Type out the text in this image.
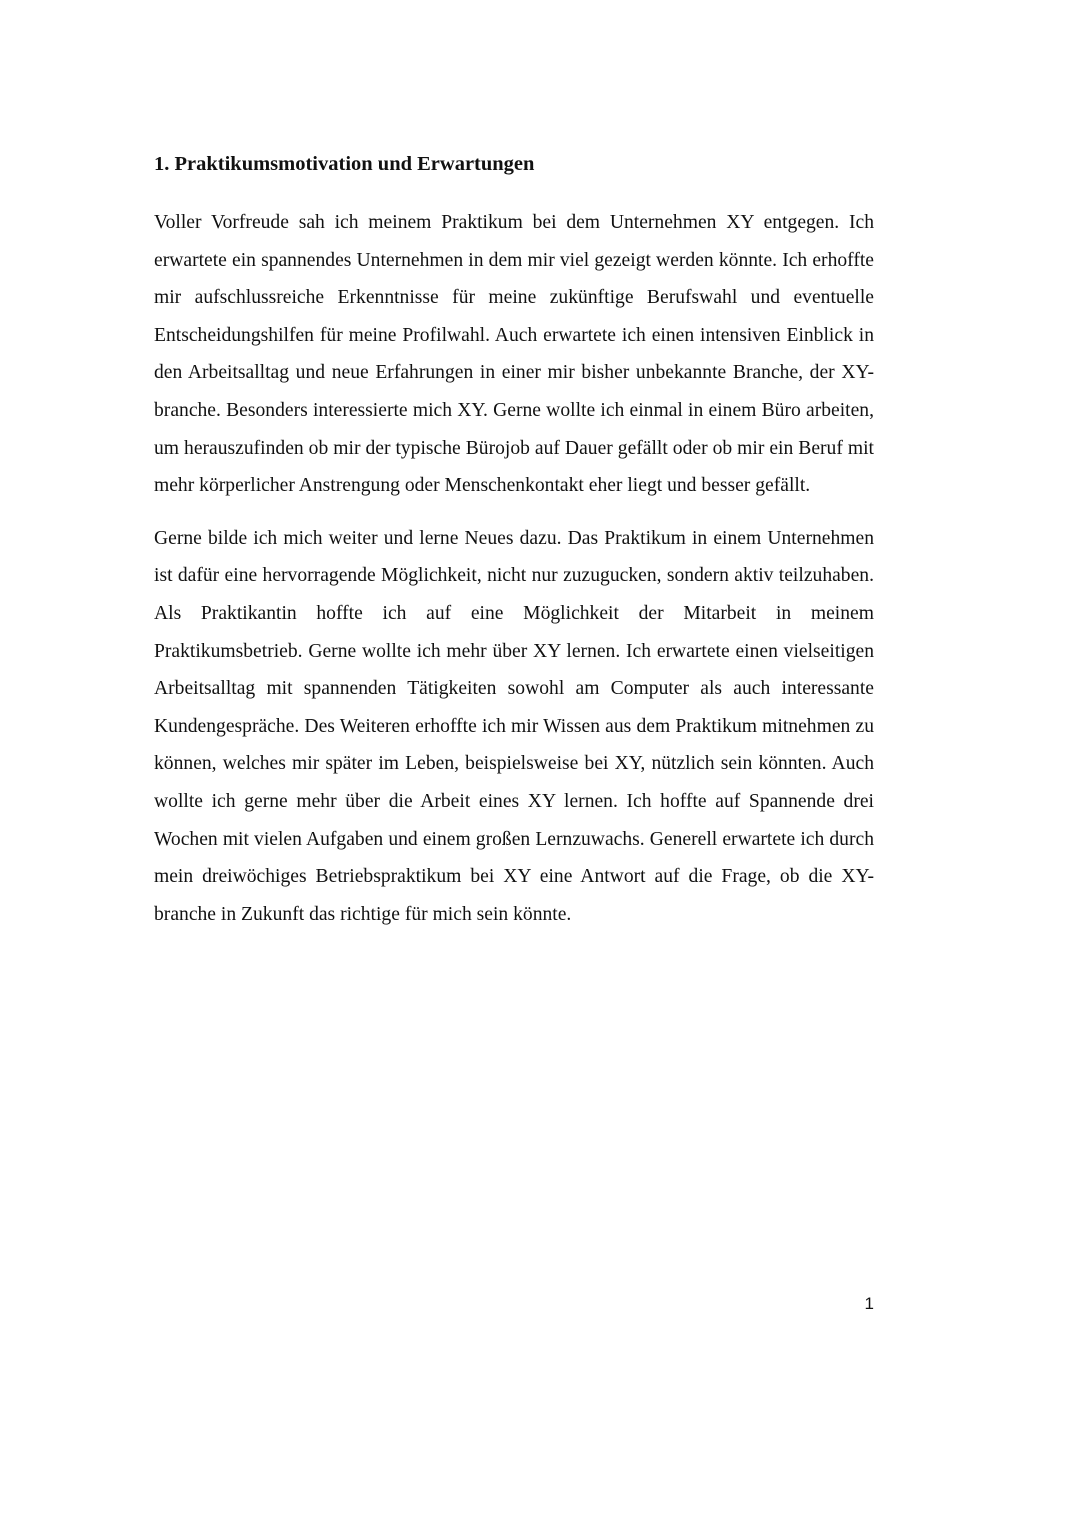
1. Praktikumsmotivation und Erwartungen

Voller Vorfreude sah ich meinem Praktikum bei dem Unternehmen XY entgegen. Ich erwartete ein spannendes Unternehmen in dem mir viel gezeigt werden könnte. Ich erhoffte mir aufschlussreiche Erkenntnisse für meine zukünftige Berufswahl und eventuelle Entscheidungshilfen für meine Profilwahl. Auch erwartete ich einen intensiven Einblick in den Arbeitsalltag und neue Erfahrungen in einer mir bisher unbekannte Branche, der XY-branche. Besonders interessierte mich XY. Gerne wollte ich einmal in einem Büro arbeiten, um herauszufinden ob mir der typische Bürojob auf Dauer gefällt oder ob mir ein Beruf mit mehr körperlicher Anstrengung oder Menschenkontakt eher liegt und besser gefällt.

Gerne bilde ich mich weiter und lerne Neues dazu. Das Praktikum in einem Unternehmen ist dafür eine hervorragende Möglichkeit, nicht nur zuzugucken, sondern aktiv teilzuhaben. Als Praktikantin hoffte ich auf eine Möglichkeit der Mitarbeit in meinem Praktikumsbetrieb. Gerne wollte ich mehr über XY lernen. Ich erwartete einen vielseitigen Arbeitsalltag mit spannenden Tätigkeiten sowohl am Computer als auch interessante Kundengespräche. Des Weiteren erhoffte ich mir Wissen aus dem Praktikum mitnehmen zu können, welches mir später im Leben, beispielsweise bei XY, nützlich sein könnten. Auch wollte ich gerne mehr über die Arbeit eines XY lernen. Ich hoffte auf Spannende drei Wochen mit vielen Aufgaben und einem großen Lernzuwachs. Generell erwartete ich durch mein dreiwöchiges Betriebspraktikum bei XY eine Antwort auf die Frage, ob die XY-branche in Zukunft das richtige für mich sein könnte.

1
